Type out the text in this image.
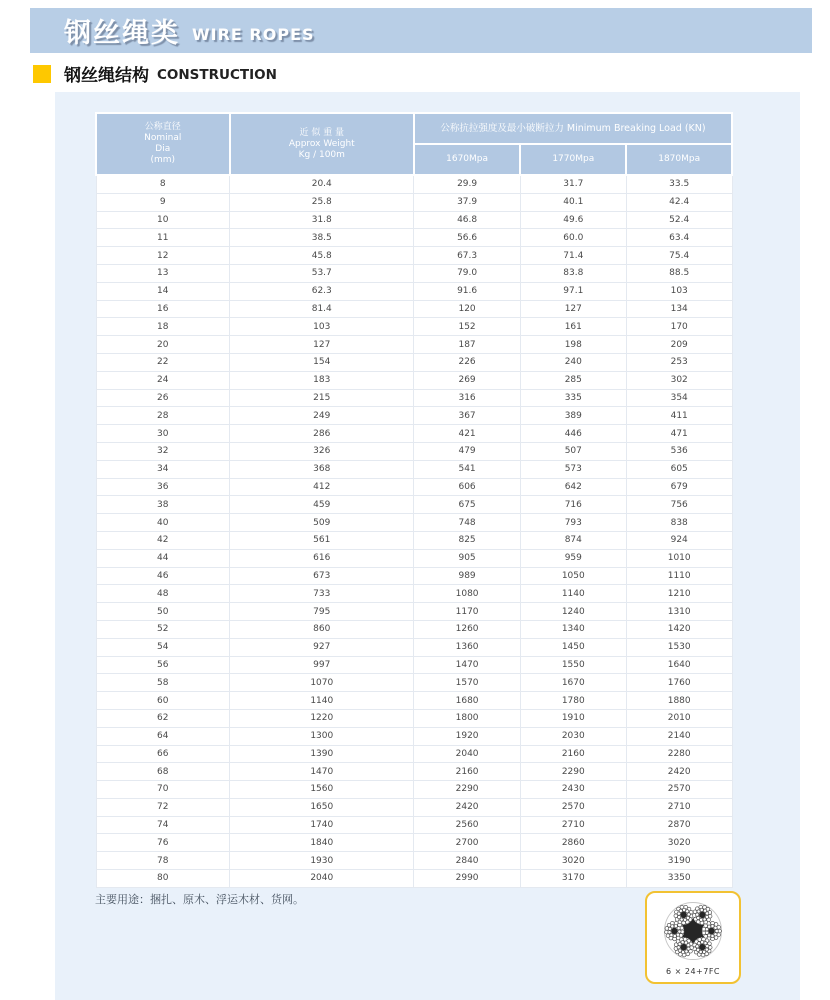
钢丝绳类 WIRE ROPES
钢丝绳结构 CONSTRUCTION
公称直径
Nominal
Dia
(mm)

近 似 重 量
Approx Weight
Kg / 100m
	公称抗拉强度及最小破断拉力 Minimum Breaking Load (KN)
		1670Mpa	1770Mpa	1870Mpa
8	20.4	29.9	31.7	33.5
9	25.8	37.9	40.1	42.4
10	31.8	46.8	49.6	52.4
11	38.5	56.6	60.0	63.4
12	45.8	67.3	71.4	75.4
13	53.7	79.0	83.8	88.5
14	62.3	91.6	97.1	103
16	81.4	120	127	134
18	103	152	161	170
20	127	187	198	209
22	154	226	240	253
24	183	269	285	302
26	215	316	335	354
28	249	367	389	411
30	286	421	446	471
32	326	479	507	536
34	368	541	573	605
36	412	606	642	679
38	459	675	716	756
40	509	748	793	838
42	561	825	874	924
44	616	905	959	1010
46	673	989	1050	1110
48	733	1080	1140	1210
50	795	1170	1240	1310
52	860	1260	1340	1420
54	927	1360	1450	1530
56	997	1470	1550	1640
58	1070	1570	1670	1760
60	1140	1680	1780	1880
62	1220	1800	1910	2010
64	1300	1920	2030	2140
66	1390	2040	2160	2280
68	1470	2160	2290	2420
70	1560	2290	2430	2570
72	1650	2420	2570	2710
74	1740	2560	2710	2870
76	1840	2700	2860	3020
78	1930	2840	3020	3190
80	2040	2990	3170	3350
主要用途：捆扎、原木、浮运木材、货网。
6 × 24+7FC
